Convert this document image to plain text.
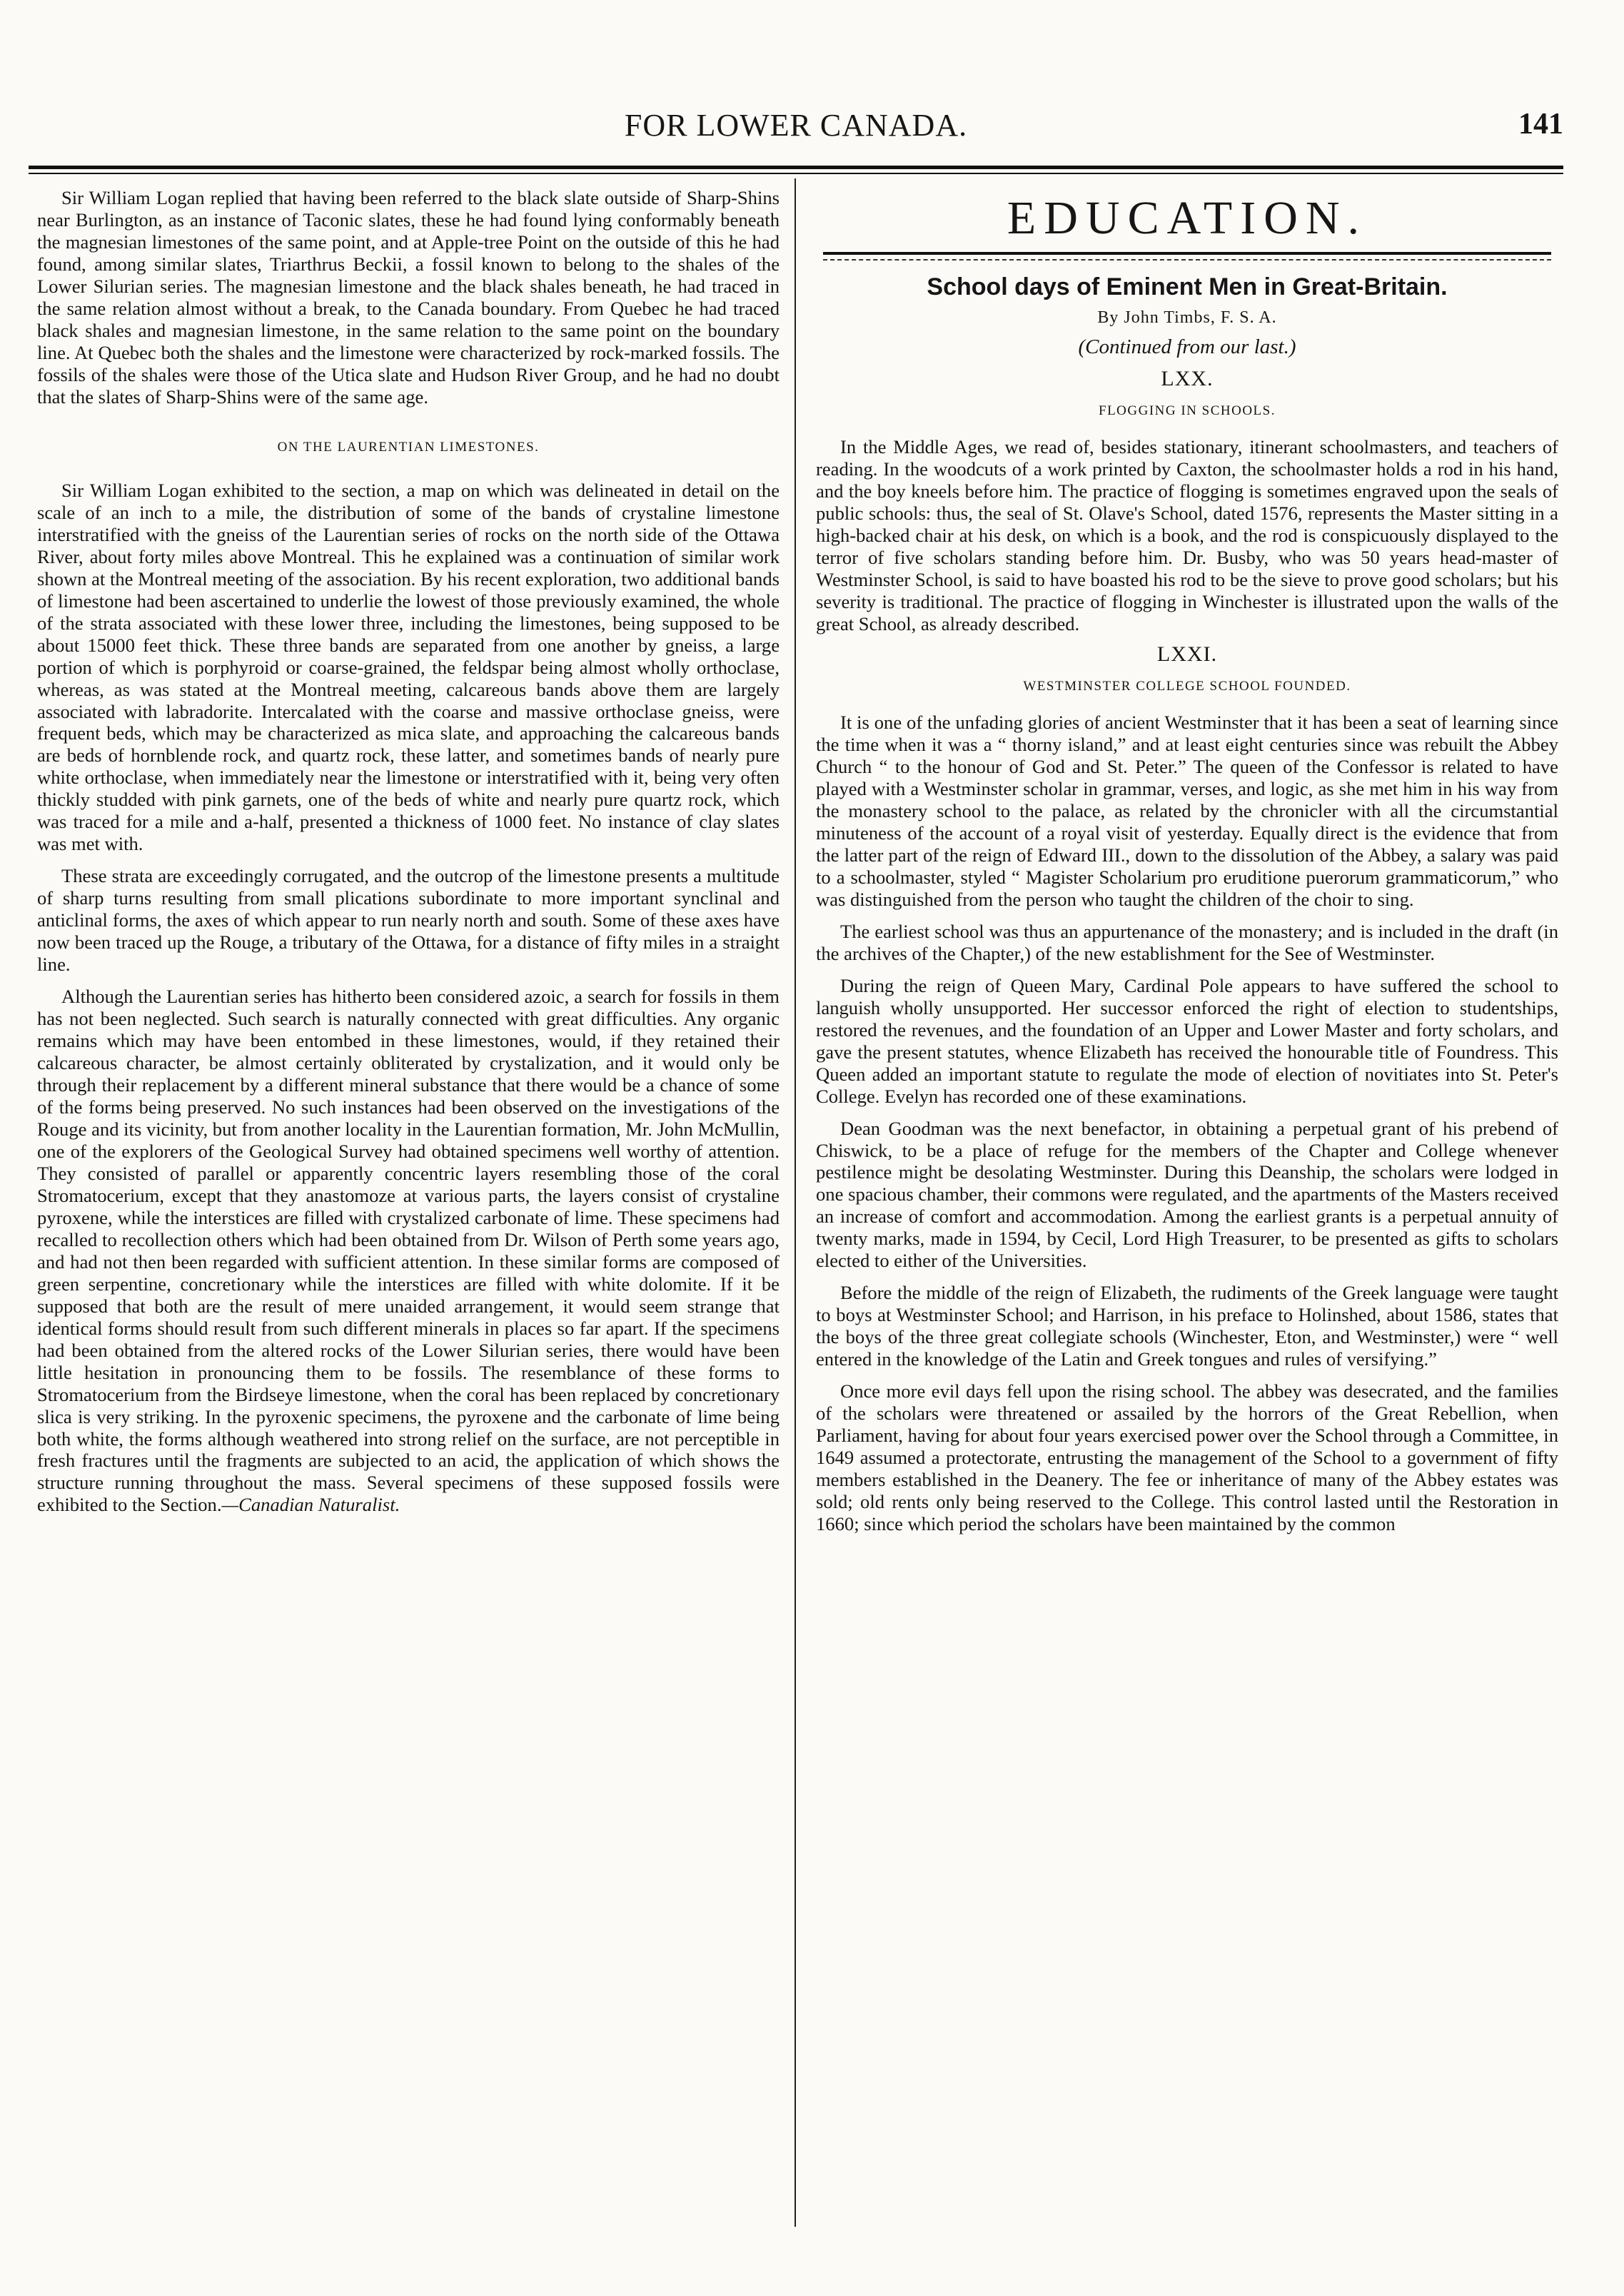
FOR LOWER CANADA.	141

Sir William Logan replied that having been referred to the black slate outside of Sharp-Shins near Burlington, as an instance of Taconic slates, these he had found lying conformably beneath the magnesian limestones of the same point, and at Apple-tree Point on the outside of this he had found, among similar slates, Triarthrus Beckii, a fossil known to belong to the shales of the Lower Silurian series. The magnesian limestone and the black shales beneath, he had traced in the same relation almost without a break, to the Canada boundary. From Quebec he had traced black shales and magnesian limestone, in the same relation to the same point on the boundary line. At Quebec both the shales and the limestone were characterized by rock-marked fossils. The fossils of the shales were those of the Utica slate and Hudson River Group, and he had no doubt that the slates of Sharp-Shins were of the same age.

ON THE LAURENTIAN LIMESTONES.

Sir William Logan exhibited to the section, a map on which was delineated in detail on the scale of an inch to a mile, the distribution of some of the bands of crystaline limestone interstratified with the gneiss of the Laurentian series of rocks on the north side of the Ottawa River, about forty miles above Montreal. This he explained was a continuation of similar work shown at the Montreal meeting of the association. By his recent exploration, two additional bands of limestone had been ascertained to underlie the lowest of those previously examined, the whole of the strata associated with these lower three, including the limestones, being supposed to be about 15000 feet thick. These three bands are separated from one another by gneiss, a large portion of which is porphyroid or coarse-grained, the feldspar being almost wholly orthoclase, whereas, as was stated at the Montreal meeting, calcareous bands above them are largely associated with labradorite. Intercalated with the coarse and massive orthoclase gneiss, were frequent beds, which may be characterized as mica slate, and approaching the calcareous bands are beds of hornblende rock, and quartz rock, these latter, and sometimes bands of nearly pure white orthoclase, when immediately near the limestone or interstratified with it, being very often thickly studded with pink garnets, one of the beds of white and nearly pure quartz rock, which was traced for a mile and a-half, presented a thickness of 1000 feet. No instance of clay slates was met with.

These strata are exceedingly corrugated, and the outcrop of the limestone presents a multitude of sharp turns resulting from small plications subordinate to more important synclinal and anticlinal forms, the axes of which appear to run nearly north and south. Some of these axes have now been traced up the Rouge, a tributary of the Ottawa, for a distance of fifty miles in a straight line.

Although the Laurentian series has hitherto been considered azoic, a search for fossils in them has not been neglected. Such search is naturally connected with great difficulties. Any organic remains which may have been entombed in these limestones, would, if they retained their calcareous character, be almost certainly obliterated by crystalization, and it would only be through their replacement by a different mineral substance that there would be a chance of some of the forms being preserved. No such instances had been observed on the investigations of the Rouge and its vicinity, but from another locality in the Laurentian formation, Mr. John McMullin, one of the explorers of the Geological Survey had obtained specimens well worthy of attention. They consisted of parallel or apparently concentric layers resembling those of the coral Stromatocerium, except that they anastomoze at various parts, the layers consist of crystaline pyroxene, while the interstices are filled with crystalized carbonate of lime. These specimens had recalled to recollection others which had been obtained from Dr. Wilson of Perth some years ago, and had not then been regarded with sufficient attention. In these similar forms are composed of green serpentine, concretionary while the interstices are filled with white dolomite. If it be supposed that both are the result of mere unaided arrangement, it would seem strange that identical forms should result from such different minerals in places so far apart. If the specimens had been obtained from the altered rocks of the Lower Silurian series, there would have been little hesitation in pronouncing them to be fossils. The resemblance of these forms to Stromatocerium from the Birdseye limestone, when the coral has been replaced by concretionary slica is very striking. In the pyroxenic specimens, the pyroxene and the carbonate of lime being both white, the forms although weathered into strong relief on the surface, are not perceptible in fresh fractures until the fragments are subjected to an acid, the application of which shows the structure running throughout the mass. Several specimens of these supposed fossils were exhibited to the Section.—Canadian Naturalist.

EDUCATION.
School days of Eminent Men in Great-Britain.
By John Timbs, F. S. A.
(Continued from our last.)
LXX.
FLOGGING IN SCHOOLS.

In the Middle Ages, we read of, besides stationary, itinerant schoolmasters, and teachers of reading. In the woodcuts of a work printed by Caxton, the schoolmaster holds a rod in his hand, and the boy kneels before him. The practice of flogging is sometimes engraved upon the seals of public schools: thus, the seal of St. Olave's School, dated 1576, represents the Master sitting in a high-backed chair at his desk, on which is a book, and the rod is conspicuously displayed to the terror of five scholars standing before him. Dr. Busby, who was 50 years head-master of Westminster School, is said to have boasted his rod to be the sieve to prove good scholars; but his severity is traditional. The practice of flogging in Winchester is illustrated upon the walls of the great School, as already described.

LXXI.
WESTMINSTER COLLEGE SCHOOL FOUNDED.

It is one of the unfading glories of ancient Westminster that it has been a seat of learning since the time when it was a “ thorny island,” and at least eight centuries since was rebuilt the Abbey Church “ to the honour of God and St. Peter.” The queen of the Confessor is related to have played with a Westminster scholar in grammar, verses, and logic, as she met him in his way from the monastery school to the palace, as related by the chronicler with all the circumstantial minuteness of the account of a royal visit of yesterday. Equally direct is the evidence that from the latter part of the reign of Edward III., down to the dissolution of the Abbey, a salary was paid to a schoolmaster, styled “ Magister Scholarium pro eruditione puerorum grammaticorum,” who was distinguished from the person who taught the children of the choir to sing.

The earliest school was thus an appurtenance of the monastery; and is included in the draft (in the archives of the Chapter,) of the new establishment for the See of Westminster.

During the reign of Queen Mary, Cardinal Pole appears to have suffered the school to languish wholly unsupported. Her successor enforced the right of election to studentships, restored the revenues, and the foundation of an Upper and Lower Master and forty scholars, and gave the present statutes, whence Elizabeth has received the honourable title of Foundress. This Queen added an important statute to regulate the mode of election of novitiates into St. Peter's College. Evelyn has recorded one of these examinations.

Dean Goodman was the next benefactor, in obtaining a perpetual grant of his prebend of Chiswick, to be a place of refuge for the members of the Chapter and College whenever pestilence might be desolating Westminster. During this Deanship, the scholars were lodged in one spacious chamber, their commons were regulated, and the apartments of the Masters received an increase of comfort and accommodation. Among the earliest grants is a perpetual annuity of twenty marks, made in 1594, by Cecil, Lord High Treasurer, to be presented as gifts to scholars elected to either of the Universities.

Before the middle of the reign of Elizabeth, the rudiments of the Greek language were taught to boys at Westminster School; and Harrison, in his preface to Holinshed, about 1586, states that the boys of the three great collegiate schools (Winchester, Eton, and Westminster,) were “ well entered in the knowledge of the Latin and Greek tongues and rules of versifying.”

Once more evil days fell upon the rising school. The abbey was desecrated, and the families of the scholars were threatened or assailed by the horrors of the Great Rebellion, when Parliament, having for about four years exercised power over the School through a Committee, in 1649 assumed a protectorate, entrusting the management of the School to a government of fifty members established in the Deanery. The fee or inheritance of many of the Abbey estates was sold; old rents only being reserved to the College. This control lasted until the Restoration in 1660; since which period the scholars have been maintained by the common
